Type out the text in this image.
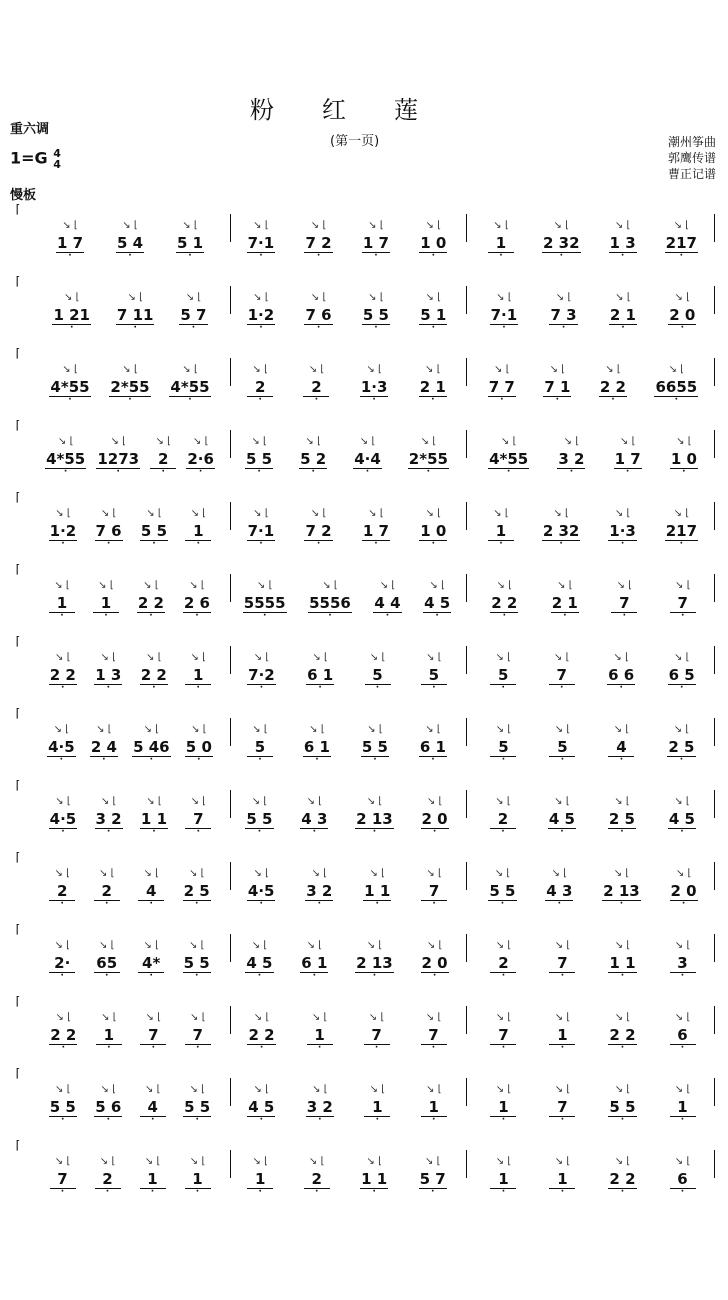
粉红莲
(第一页)
重六调
1=G 4
4
慢板
潮州筝曲
郭鹰传谱
曹正记谱
⌈
↘ ⌊
1 7
·
↘ ⌊
5 4
·
↘ ⌊
5 1
·
↘ ⌊
7·1
·
↘ ⌊
7 2
·
↘ ⌊
1 7
·
↘ ⌊
1 0
·
↘ ⌊
1
·
↘ ⌊
2 32
·
↘ ⌊
1 3
·
↘ ⌊
217
·
⌈
↘ ⌊
1 21
·
↘ ⌊
7 11
·
↘ ⌊
5 7
·
↘ ⌊
1·2
·
↘ ⌊
7 6
·
↘ ⌊
5 5
·
↘ ⌊
5 1
·
↘ ⌊
7·1
·
↘ ⌊
7 3
·
↘ ⌊
2 1
·
↘ ⌊
2 0
·
⌈
↘ ⌊
4*55
·
↘ ⌊
2*55
·
↘ ⌊
4*55
·
↘ ⌊
2
·
↘ ⌊
2
·
↘ ⌊
1·3
·
↘ ⌊
2 1
·
↘ ⌊
7 7
·
↘ ⌊
7 1
·
↘ ⌊
2 2
·
↘ ⌊
6655
·
⌈
↘ ⌊
4*55
·
↘ ⌊
1273
·
↘ ⌊
2
·
↘ ⌊
2·6
·
↘ ⌊
5 5
·
↘ ⌊
5 2
·
↘ ⌊
4·4
·
↘ ⌊
2*55
·
↘ ⌊
4*55
·
↘ ⌊
3 2
·
↘ ⌊
1 7
·
↘ ⌊
1 0
·
⌈
↘ ⌊
1·2
·
↘ ⌊
7 6
·
↘ ⌊
5 5
·
↘ ⌊
1
·
↘ ⌊
7·1
·
↘ ⌊
7 2
·
↘ ⌊
1 7
·
↘ ⌊
1 0
·
↘ ⌊
1
·
↘ ⌊
2 32
·
↘ ⌊
1·3
·
↘ ⌊
217
·
⌈
↘ ⌊
1
·
↘ ⌊
1
·
↘ ⌊
2 2
·
↘ ⌊
2 6
·
↘ ⌊
5555
·
↘ ⌊
5556
·
↘ ⌊
4 4
·
↘ ⌊
4 5
·
↘ ⌊
2 2
·
↘ ⌊
2 1
·
↘ ⌊
7
·
↘ ⌊
7
·
⌈
↘ ⌊
2 2
·
↘ ⌊
1 3
·
↘ ⌊
2 2
·
↘ ⌊
1
·
↘ ⌊
7·2
·
↘ ⌊
6 1
·
↘ ⌊
5
·
↘ ⌊
5
·
↘ ⌊
5
·
↘ ⌊
7
·
↘ ⌊
6 6
·
↘ ⌊
6 5
·
⌈
↘ ⌊
4·5
·
↘ ⌊
2 4
·
↘ ⌊
5 46
·
↘ ⌊
5 0
·
↘ ⌊
5
·
↘ ⌊
6 1
·
↘ ⌊
5 5
·
↘ ⌊
6 1
·
↘ ⌊
5
·
↘ ⌊
5
·
↘ ⌊
4
·
↘ ⌊
2 5
·
⌈
↘ ⌊
4·5
·
↘ ⌊
3 2
·
↘ ⌊
1 1
·
↘ ⌊
7
·
↘ ⌊
5 5
·
↘ ⌊
4 3
·
↘ ⌊
2 13
·
↘ ⌊
2 0
·
↘ ⌊
2
·
↘ ⌊
4 5
·
↘ ⌊
2 5
·
↘ ⌊
4 5
·
⌈
↘ ⌊
2
·
↘ ⌊
2
·
↘ ⌊
4
·
↘ ⌊
2 5
·
↘ ⌊
4·5
·
↘ ⌊
3 2
·
↘ ⌊
1 1
·
↘ ⌊
7
·
↘ ⌊
5 5
·
↘ ⌊
4 3
·
↘ ⌊
2 13
·
↘ ⌊
2 0
·
⌈
↘ ⌊
2·
·
↘ ⌊
65
·
↘ ⌊
4*
·
↘ ⌊
5 5
·
↘ ⌊
4 5
·
↘ ⌊
6 1
·
↘ ⌊
2 13
·
↘ ⌊
2 0
·
↘ ⌊
2
·
↘ ⌊
7
·
↘ ⌊
1 1
·
↘ ⌊
3
·
⌈
↘ ⌊
2 2
·
↘ ⌊
1
·
↘ ⌊
7
·
↘ ⌊
7
·
↘ ⌊
2 2
·
↘ ⌊
1
·
↘ ⌊
7
·
↘ ⌊
7
·
↘ ⌊
7
·
↘ ⌊
1
·
↘ ⌊
2 2
·
↘ ⌊
6
·
⌈
↘ ⌊
5 5
·
↘ ⌊
5 6
·
↘ ⌊
4
·
↘ ⌊
5 5
·
↘ ⌊
4 5
·
↘ ⌊
3 2
·
↘ ⌊
1
·
↘ ⌊
1
·
↘ ⌊
1
·
↘ ⌊
7
·
↘ ⌊
5 5
·
↘ ⌊
1
·
⌈
↘ ⌊
7
·
↘ ⌊
2
·
↘ ⌊
1
·
↘ ⌊
1
·
↘ ⌊
1
·
↘ ⌊
2
·
↘ ⌊
1 1
·
↘ ⌊
5 7
·
↘ ⌊
1
·
↘ ⌊
1
·
↘ ⌊
2 2
·
↘ ⌊
6
·
